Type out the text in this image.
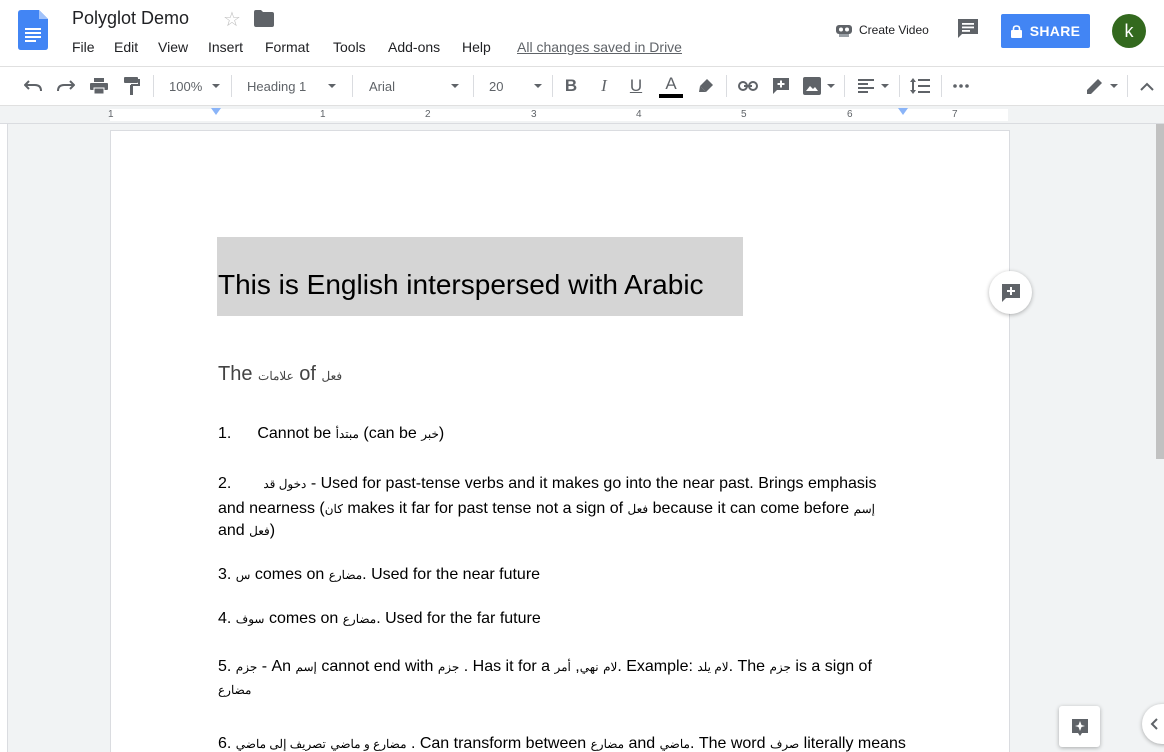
Polyglot Demo ☆
File Edit View Insert Format Tools Add-ons Help All changes saved in Drive
Create Video	SHARE	k
100%	Heading 1	Arial	20	B	I	U A
1	1	2	3	4	5	6	7
This is English interspersed with Arabic
The علامات of فعل
1. Cannot be مبتدأ (can be خبر)
2.	دخول قد - Used for past-tense verbs and it makes go into the near past. Brings emphasis
and nearness (كان makes it far for past tense not a sign of فعل because it can come before إسم
and فعل)
3. س comes on مضارع. Used for the near future
4. سوف comes on مضارع. Used for the far future
5. جزم - An إسم cannot end with جزم . Has it for a	لام نهي, أمر	. Example: لام يلد. The جزم is a sign of
مضارع
6.	مضارع و ماضي تصريف إلى ماضي	. Can transform between مضارع and ماضي. The word صرف literally means
